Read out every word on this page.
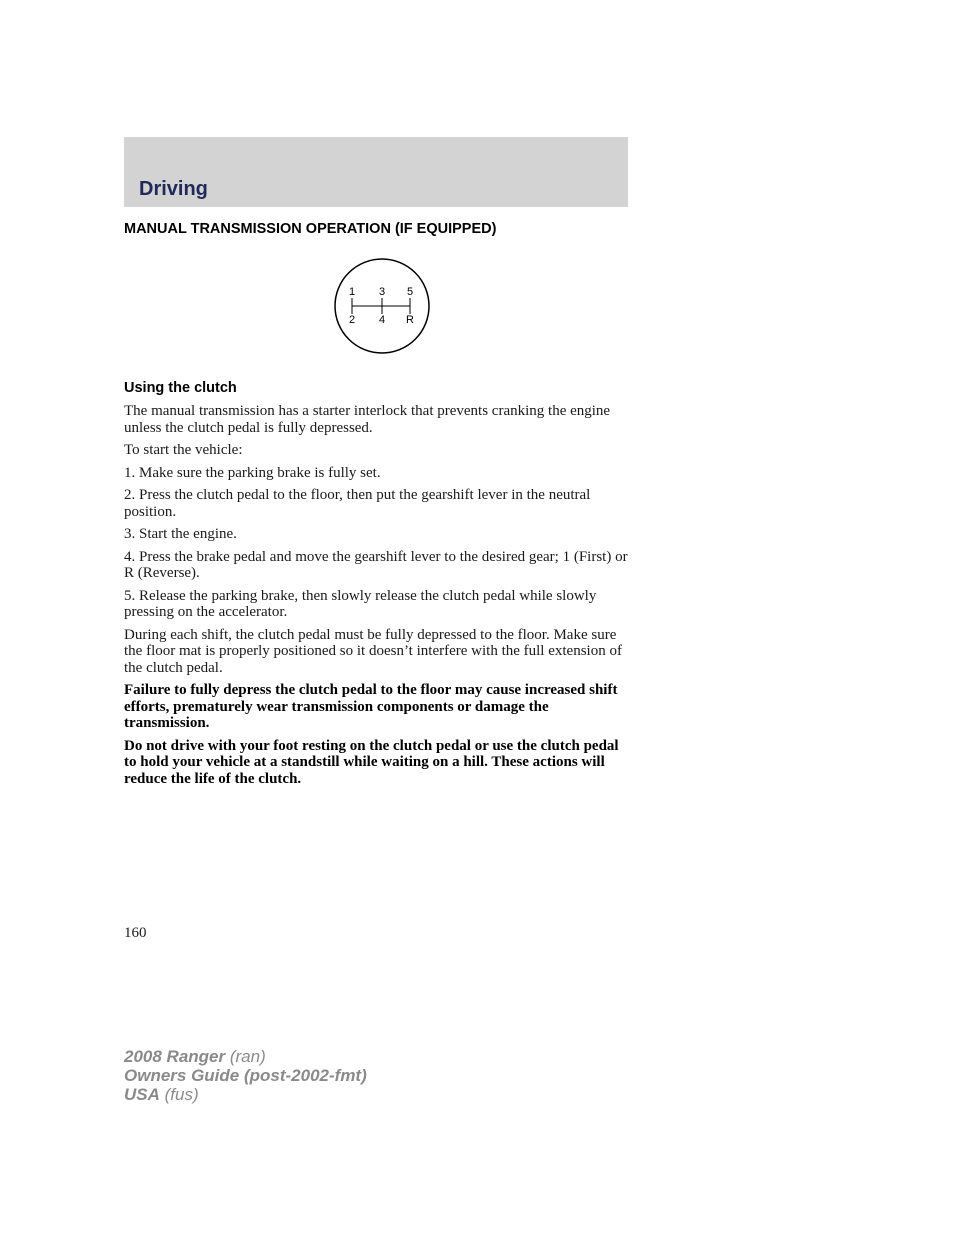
Driving
MANUAL TRANSMISSION OPERATION (IF EQUIPPED)
1 3 5
2 4 R
Using the clutch

The manual transmission has a starter interlock that prevents cranking the engine unless the clutch pedal is fully depressed.

To start the vehicle:

1. Make sure the parking brake is fully set.

2. Press the clutch pedal to the floor, then put the gearshift lever in the neutral position.

3. Start the engine.

4. Press the brake pedal and move the gearshift lever to the desired gear; 1 (First) or R (Reverse).

5. Release the parking brake, then slowly release the clutch pedal while slowly pressing on the accelerator.

During each shift, the clutch pedal must be fully depressed to the floor. Make sure the floor mat is properly positioned so it doesn’t interfere with the full extension of the clutch pedal.

Failure to fully depress the clutch pedal to the floor may cause increased shift efforts, prematurely wear transmission components or damage the transmission.

Do not drive with your foot resting on the clutch pedal or use the clutch pedal to hold your vehicle at a standstill while waiting on a hill. These actions will reduce the life of the clutch.

160
2008 Ranger (ran)
Owners Guide (post-2002-fmt)
USA (fus)
